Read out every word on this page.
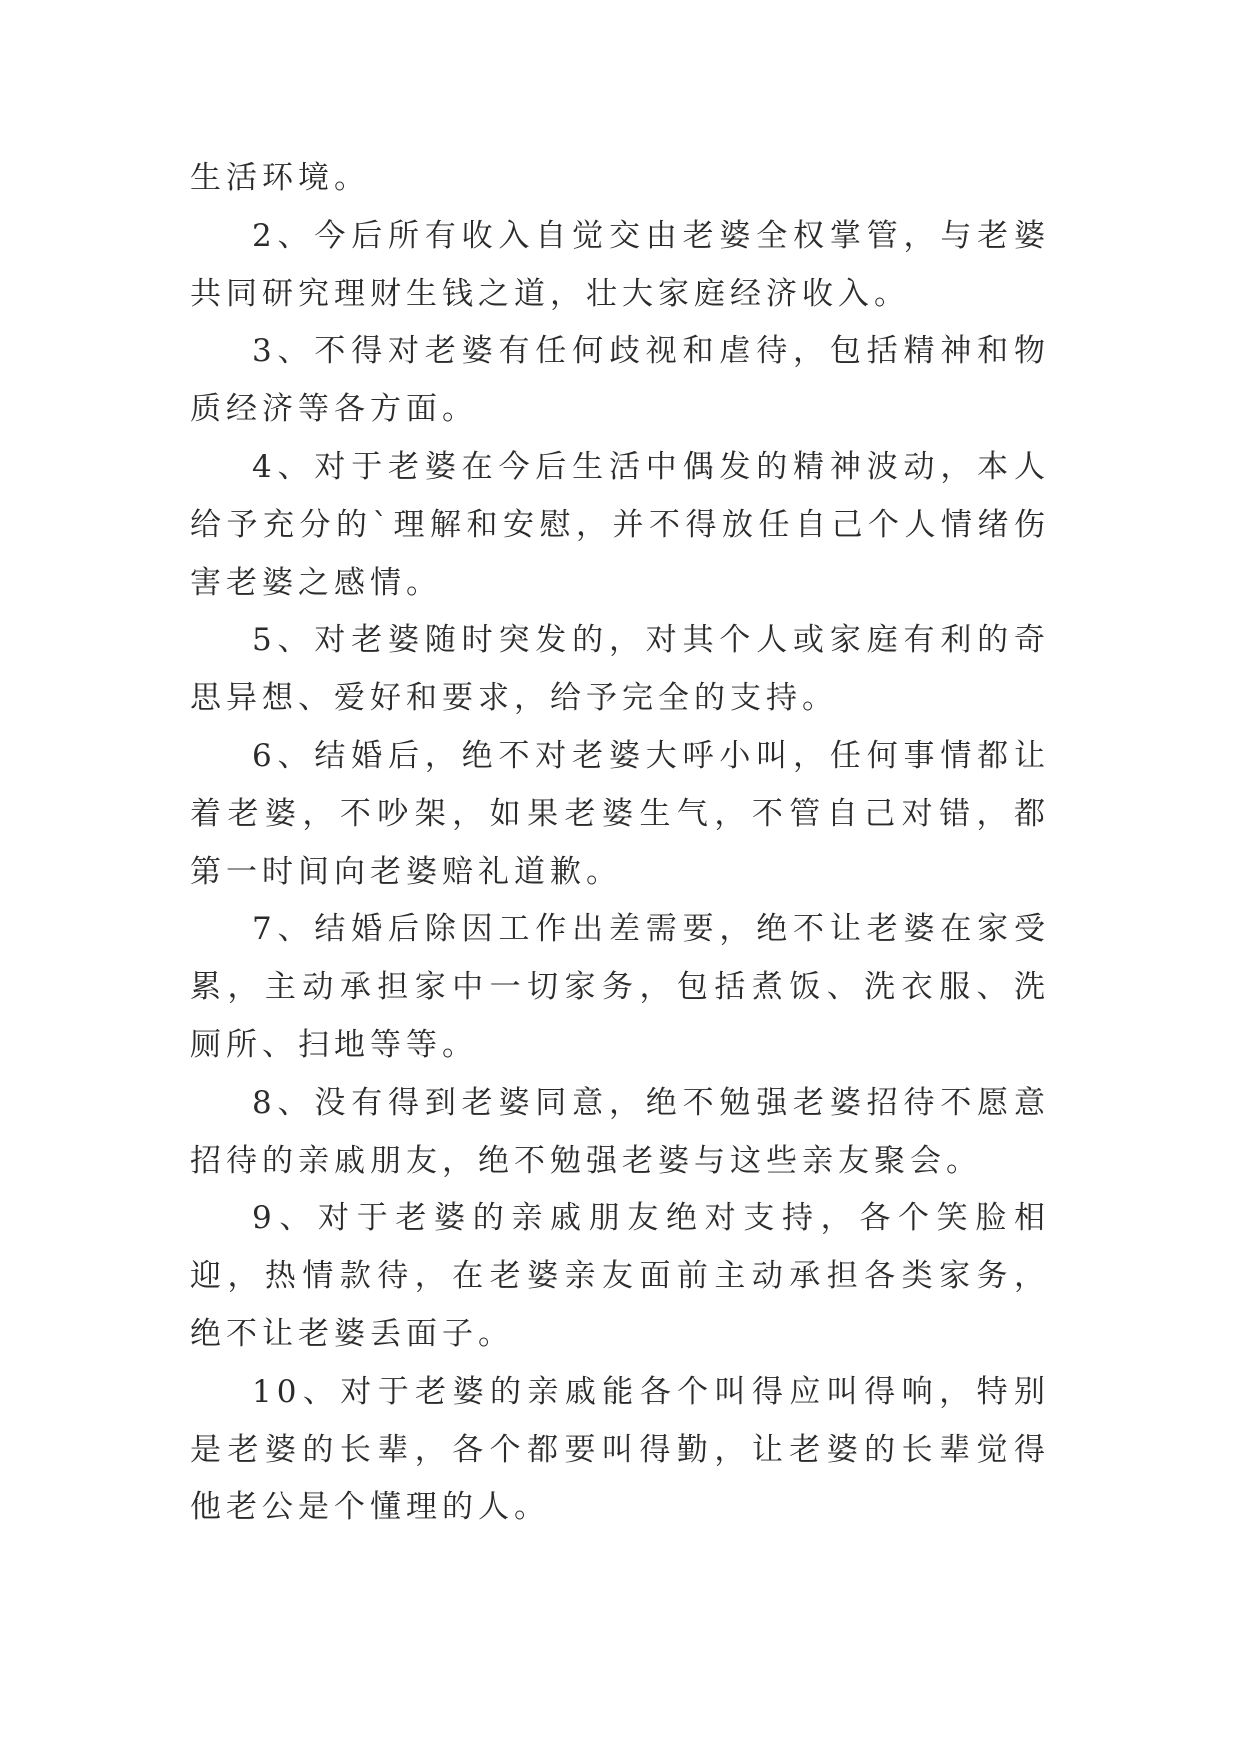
生活环境。

2、今后所有收入自觉交由老婆全权掌管，与老婆共同研究理财生钱之道，壮大家庭经济收入。

3、不得对老婆有任何歧视和虐待，包括精神和物质经济等各方面。

4、对于老婆在今后生活中偶发的精神波动，本人给予充分的`理解和安慰，并不得放任自己个人情绪伤害老婆之感情。

5、对老婆随时突发的，对其个人或家庭有利的奇思异想、爱好和要求，给予完全的支持。

6、结婚后，绝不对老婆大呼小叫，任何事情都让着老婆，不吵架，如果老婆生气，不管自己对错，都第一时间向老婆赔礼道歉。

7、结婚后除因工作出差需要，绝不让老婆在家受累，主动承担家中一切家务，包括煮饭、洗衣服、洗厕所、扫地等等。

8、没有得到老婆同意，绝不勉强老婆招待不愿意招待的亲戚朋友，绝不勉强老婆与这些亲友聚会。

9、对于老婆的亲戚朋友绝对支持，各个笑脸相迎，热情款待，在老婆亲友面前主动承担各类家务，绝不让老婆丢面子。

10、对于老婆的亲戚能各个叫得应叫得响，特别是老婆的长辈，各个都要叫得勤，让老婆的长辈觉得他老公是个懂理的人。
